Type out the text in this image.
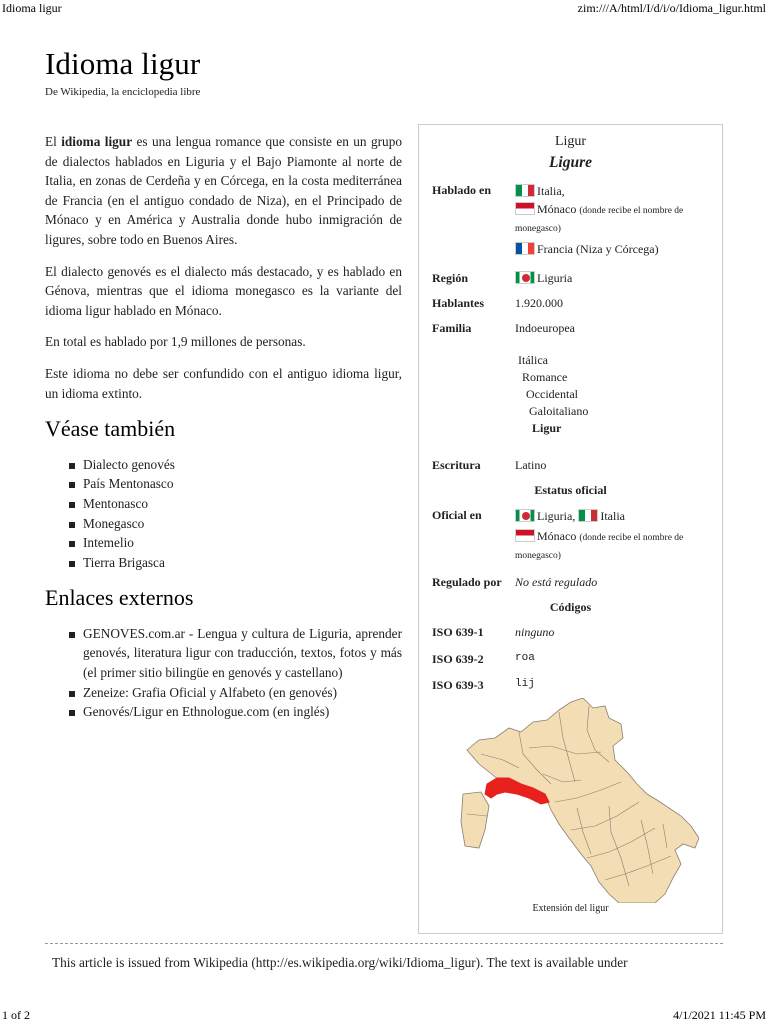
Idioma ligur	zim:///A/html/I/d/i/o/Idioma_ligur.html
1 of 2	4/1/2021 11:45 PM
Idioma ligur
De Wikipedia, la enciclopedia libre

El idioma ligur es una lengua romance que consiste en un grupo de dialectos hablados en Liguria y el Bajo Piamonte al norte de Italia, en zonas de Cerdeña y en Córcega, en la costa mediterránea de Francia (en el antiguo condado de Niza), en el Principado de Mónaco y en América y Australia donde hubo inmigración de ligures, sobre todo en Buenos Aires.

El dialecto genovés es el dialecto más destacado, y es hablado en Génova, mientras que el idioma monegasco es la variante del idioma ligur hablado en Mónaco.

En total es hablado por 1,9 millones de personas.

Este idioma no debe ser confundido con el antiguo idioma ligur, un idioma extinto.

Véase también
Dialecto genovés
País Mentonasco
Mentonasco
Monegasco
Intemelio
Tierra Brigasca
Enlaces externos
GENOVES.com.ar - Lengua y cultura de Liguria, aprender genovés, literatura ligur con traducción, textos, fotos y más (el primer sitio bilingüe en genovés y castellano)
Zeneize: Grafia Oficial y Alfabeto (en genovés)
Genovés/Ligur en Ethnologue.com (en inglés)
Ligur
Ligure
Hablado en	Italia,
Mónaco (donde recibe el nombre de monegasco)
Francia (Niza y Córcega)
Región	Liguria
Hablantes	1.920.000
Familia	Indoeuropea
Itálica
Romance
Occidental
Galoitaliano
Ligur
Escritura	Latino
Estatus oficial
Oficial en	Liguria, Italia
Mónaco (donde recibe el nombre de monegasco)
Regulado por No está regulado
Códigos
ISO 639-1	ninguno
ISO 639-2	roa
ISO 639-3	lij
Extensión del ligur
This article is issued from Wikipedia (http://es.wikipedia.org/wiki/Idioma_ligur). The text is available under
